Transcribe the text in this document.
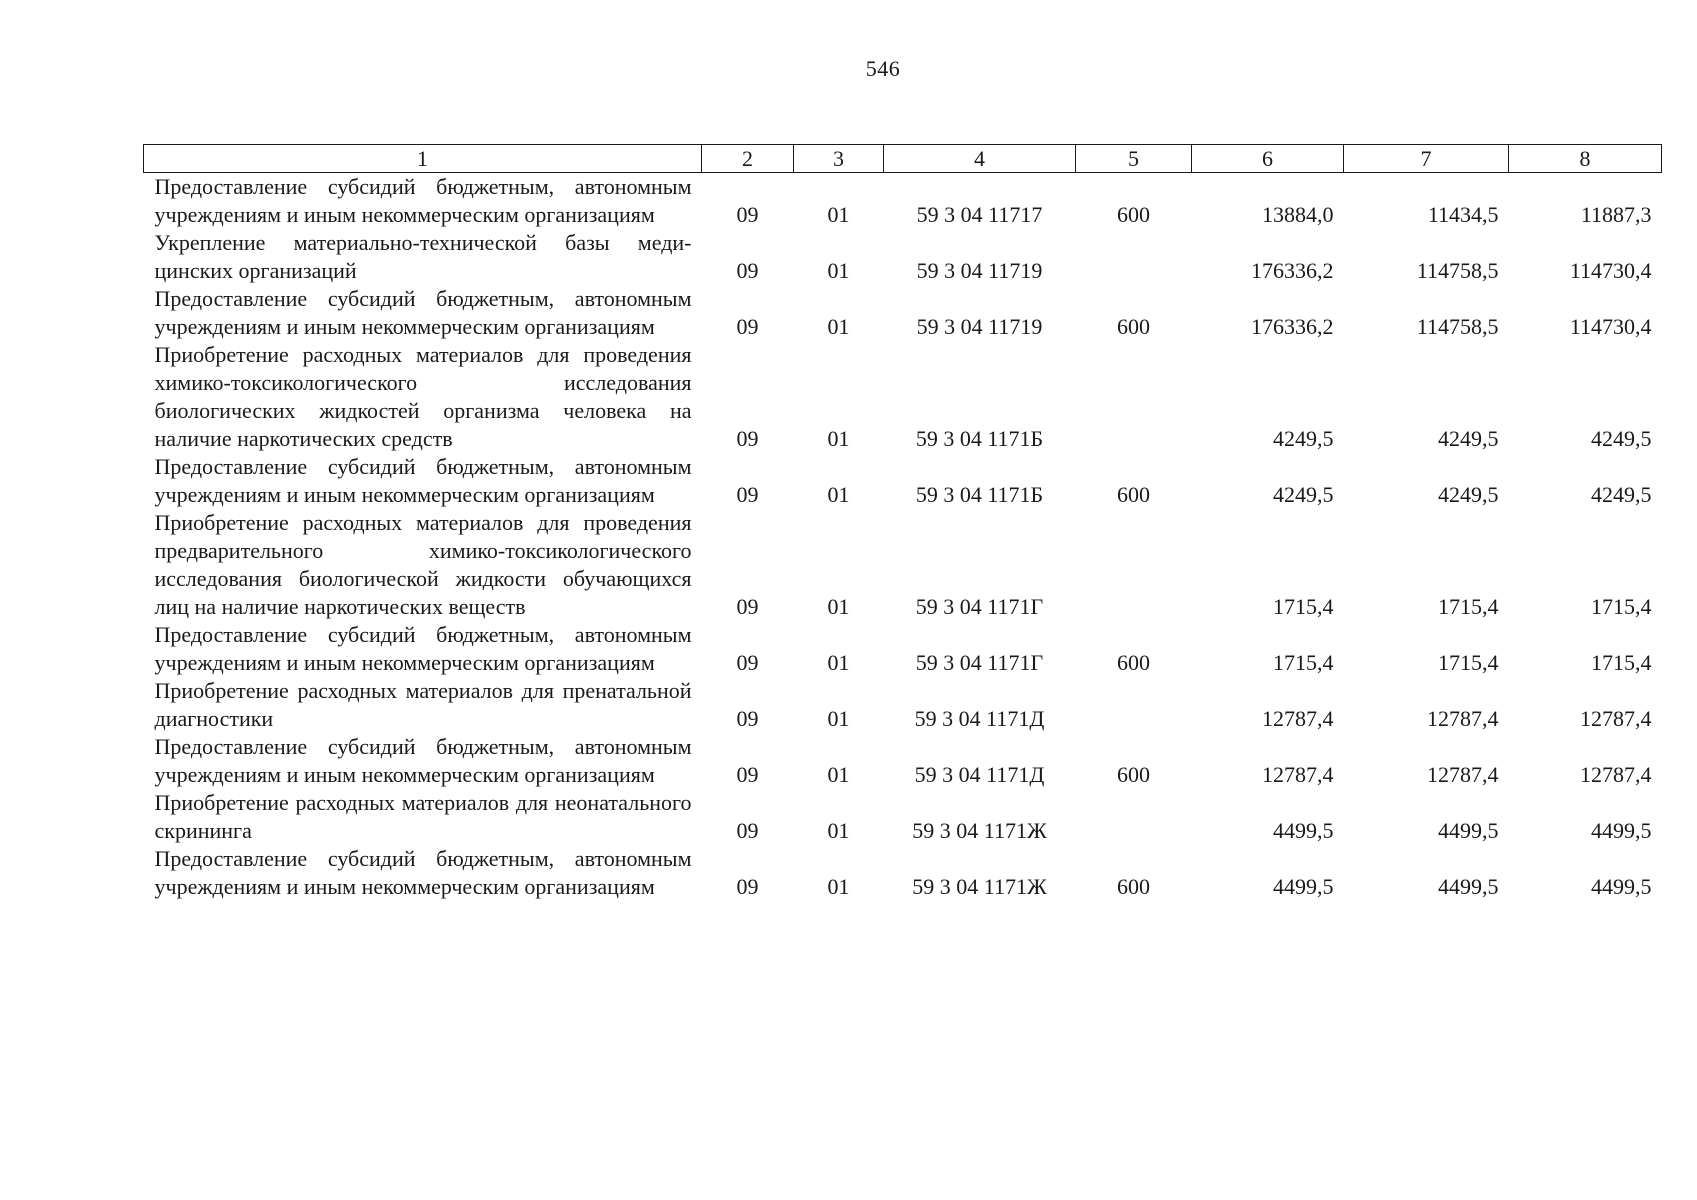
546
1	2	3	4	5	6	7	8
Предоставление субсидий бюджетным, автономным учреждениям и иным некоммерческим организациям	09	01	59 3 04 11717	600	13884,0	11434,5	11887,3
Укрепление материально-технической базы медицинских организаций	09	01	59 3 04 11719		176336,2	114758,5	114730,4
Предоставление субсидий бюджетным, автономным учреждениям и иным некоммерческим организациям	09	01	59 3 04 11719	600	176336,2	114758,5	114730,4
Приобретение расходных материалов для проведения химико-токсикологического исследования биологических жидкостей организма человека на наличие наркотических средств	09	01	59 3 04 1171Б		4249,5	4249,5	4249,5
Предоставление субсидий бюджетным, автономным учреждениям и иным некоммерческим организациям	09	01	59 3 04 1171Б	600	4249,5	4249,5	4249,5
Приобретение расходных материалов для проведения предварительного химико-токсикологического исследования биологической жидкости обучающихся лиц на наличие наркотических веществ	09	01	59 3 04 1171Г		1715,4	1715,4	1715,4
Предоставление субсидий бюджетным, автономным учреждениям и иным некоммерческим организациям	09	01	59 3 04 1171Г	600	1715,4	1715,4	1715,4
Приобретение расходных материалов для пренатальной диагностики	09	01	59 3 04 1171Д		12787,4	12787,4	12787,4
Предоставление субсидий бюджетным, автономным учреждениям и иным некоммерческим организациям	09	01	59 3 04 1171Д	600	12787,4	12787,4	12787,4
Приобретение расходных материалов для неонатального скрининга	09	01	59 3 04 1171Ж		4499,5	4499,5	4499,5
Предоставление субсидий бюджетным, автономным учреждениям и иным некоммерческим организациям	09	01	59 3 04 1171Ж	600	4499,5	4499,5	4499,5
